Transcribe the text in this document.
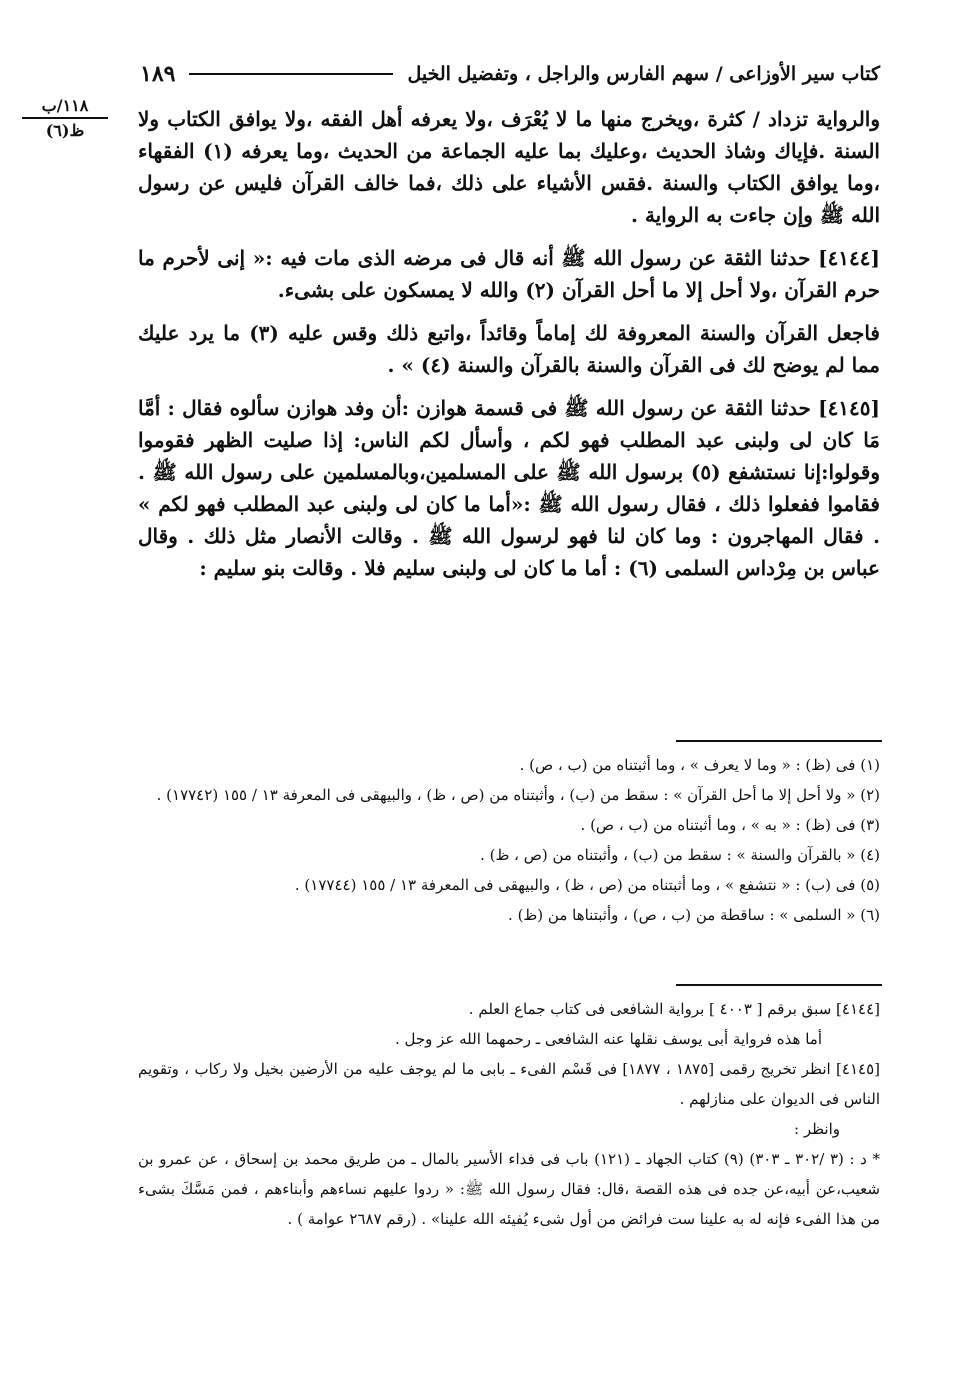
كتاب سير الأوزاعى / سهم الفارس والراجل ، وتفضيل الخيل
١٨٩
١١٨/ب
ظ(٦)	والرواية تزداد / كثرة ،ويخرج منها ما لا يُعْرَف ،ولا يعرفه أهل الفقه ،ولا يوافق الكتاب ولا السنة .فإياك وشاذ الحديث ،وعليك بما عليه الجماعة من الحديث ،وما يعرفه (١) الفقهاء ،وما يوافق الكتاب والسنة .فقس الأشياء على ذلك ،فما خالف القرآن فليس عن رسول الله ﷺ وإن جاءت به الرواية .

[٤١٤٤] حدثنا الثقة عن رسول الله ﷺ أنه قال فى مرضه الذى مات فيه :« إنى لأحرم ما حرم القرآن ،ولا أحل إلا ما أحل القرآن (٢) والله لا يمسكون على بشىء.

فاجعل القرآن والسنة المعروفة لك إماماً وقائداً ،واتبع ذلك وقس عليه (٣) ما يرد عليك مما لم يوضح لك فى القرآن والسنة بالقرآن والسنة (٤) » .

[٤١٤٥] حدثنا الثقة عن رسول الله ﷺ فى قسمة هوازن :أن وفد هوازن سألوه فقال : أمَّا مَا كان لى ولبنى عبد المطلب فهو لكم ، وأسأل لكم الناس: إذا صليت الظهر فقوموا وقولوا:إنا نستشفع (٥) برسول الله ﷺ على المسلمين،وبالمسلمين على رسول الله ﷺ . فقاموا ففعلوا ذلك ، فقال رسول الله ﷺ :«أما ما كان لى ولبنى عبد المطلب فهو لكم » . فقال المهاجرون : وما كان لنا فهو لرسول الله ﷺ . وقالت الأنصار مثل ذلك . وقال عباس بن مِرْداس السلمى (٦) : أما ما كان لى ولبنى سليم فلا . وقالت بنو سليم :

(١) فى (ظ) : « وما لا يعرف » ، وما أثبتناه من (ب ، ص) .
(٢) « ولا أحل إلا ما أحل القرآن » : سقط من (ب) ، وأثبتناه من (ص ، ظ) ، والبيهقى فى المعرفة ١٣ / ١٥٥ (١٧٧٤٢) .
(٣) فى (ظ) : « به » ، وما أثبتناه من (ب ، ص) .
(٤) « بالقرآن والسنة » : سقط من (ب) ، وأثبتناه من (ص ، ظ) .
(٥) فى (ب) : « نتشفع » ، وما أثبتناه من (ص ، ظ) ، والبيهقى فى المعرفة ١٣ / ١٥٥ (١٧٧٤٤) .
(٦) « السلمى » : ساقطة من (ب ، ص) ، وأثبتناها من (ظ) .
[٤١٤٤] سبق برقم [ ٤٠٠٣ ] برواية الشافعى فى كتاب جماع العلم .
أما هذه فرواية أبى يوسف نقلها عنه الشافعى ـ رحمهما الله عز وجل .
[٤١٤٥] انظر تخريج رقمى [١٨٧٥ ، ١٨٧٧] فى قَسْم الفىء ـ بابى ما لم يوجف عليه من الأرضين بخيل ولا ركاب ، وتقويم الناس فى الديوان على منازلهم .
وانظر :
* د : (٣ /٣٠٢ ـ ٣٠٣) (٩) كتاب الجهاد ـ (١٢١) باب فى فداء الأسير بالمال ـ من طريق محمد بن إسحاق ، عن عمرو بن شعيب،عن أبيه،عن جده فى هذه القصة ،قال: فقال رسول الله ﷺ: « ردوا عليهم نساءهم وأبناءهم ، فمن مَسَّكَ بشىء من هذا الفىء فإنه له به علينا ست فرائض من أول شىء يُفيئه الله علينا» . (رقم ٢٦٨٧ عوامة ) .
